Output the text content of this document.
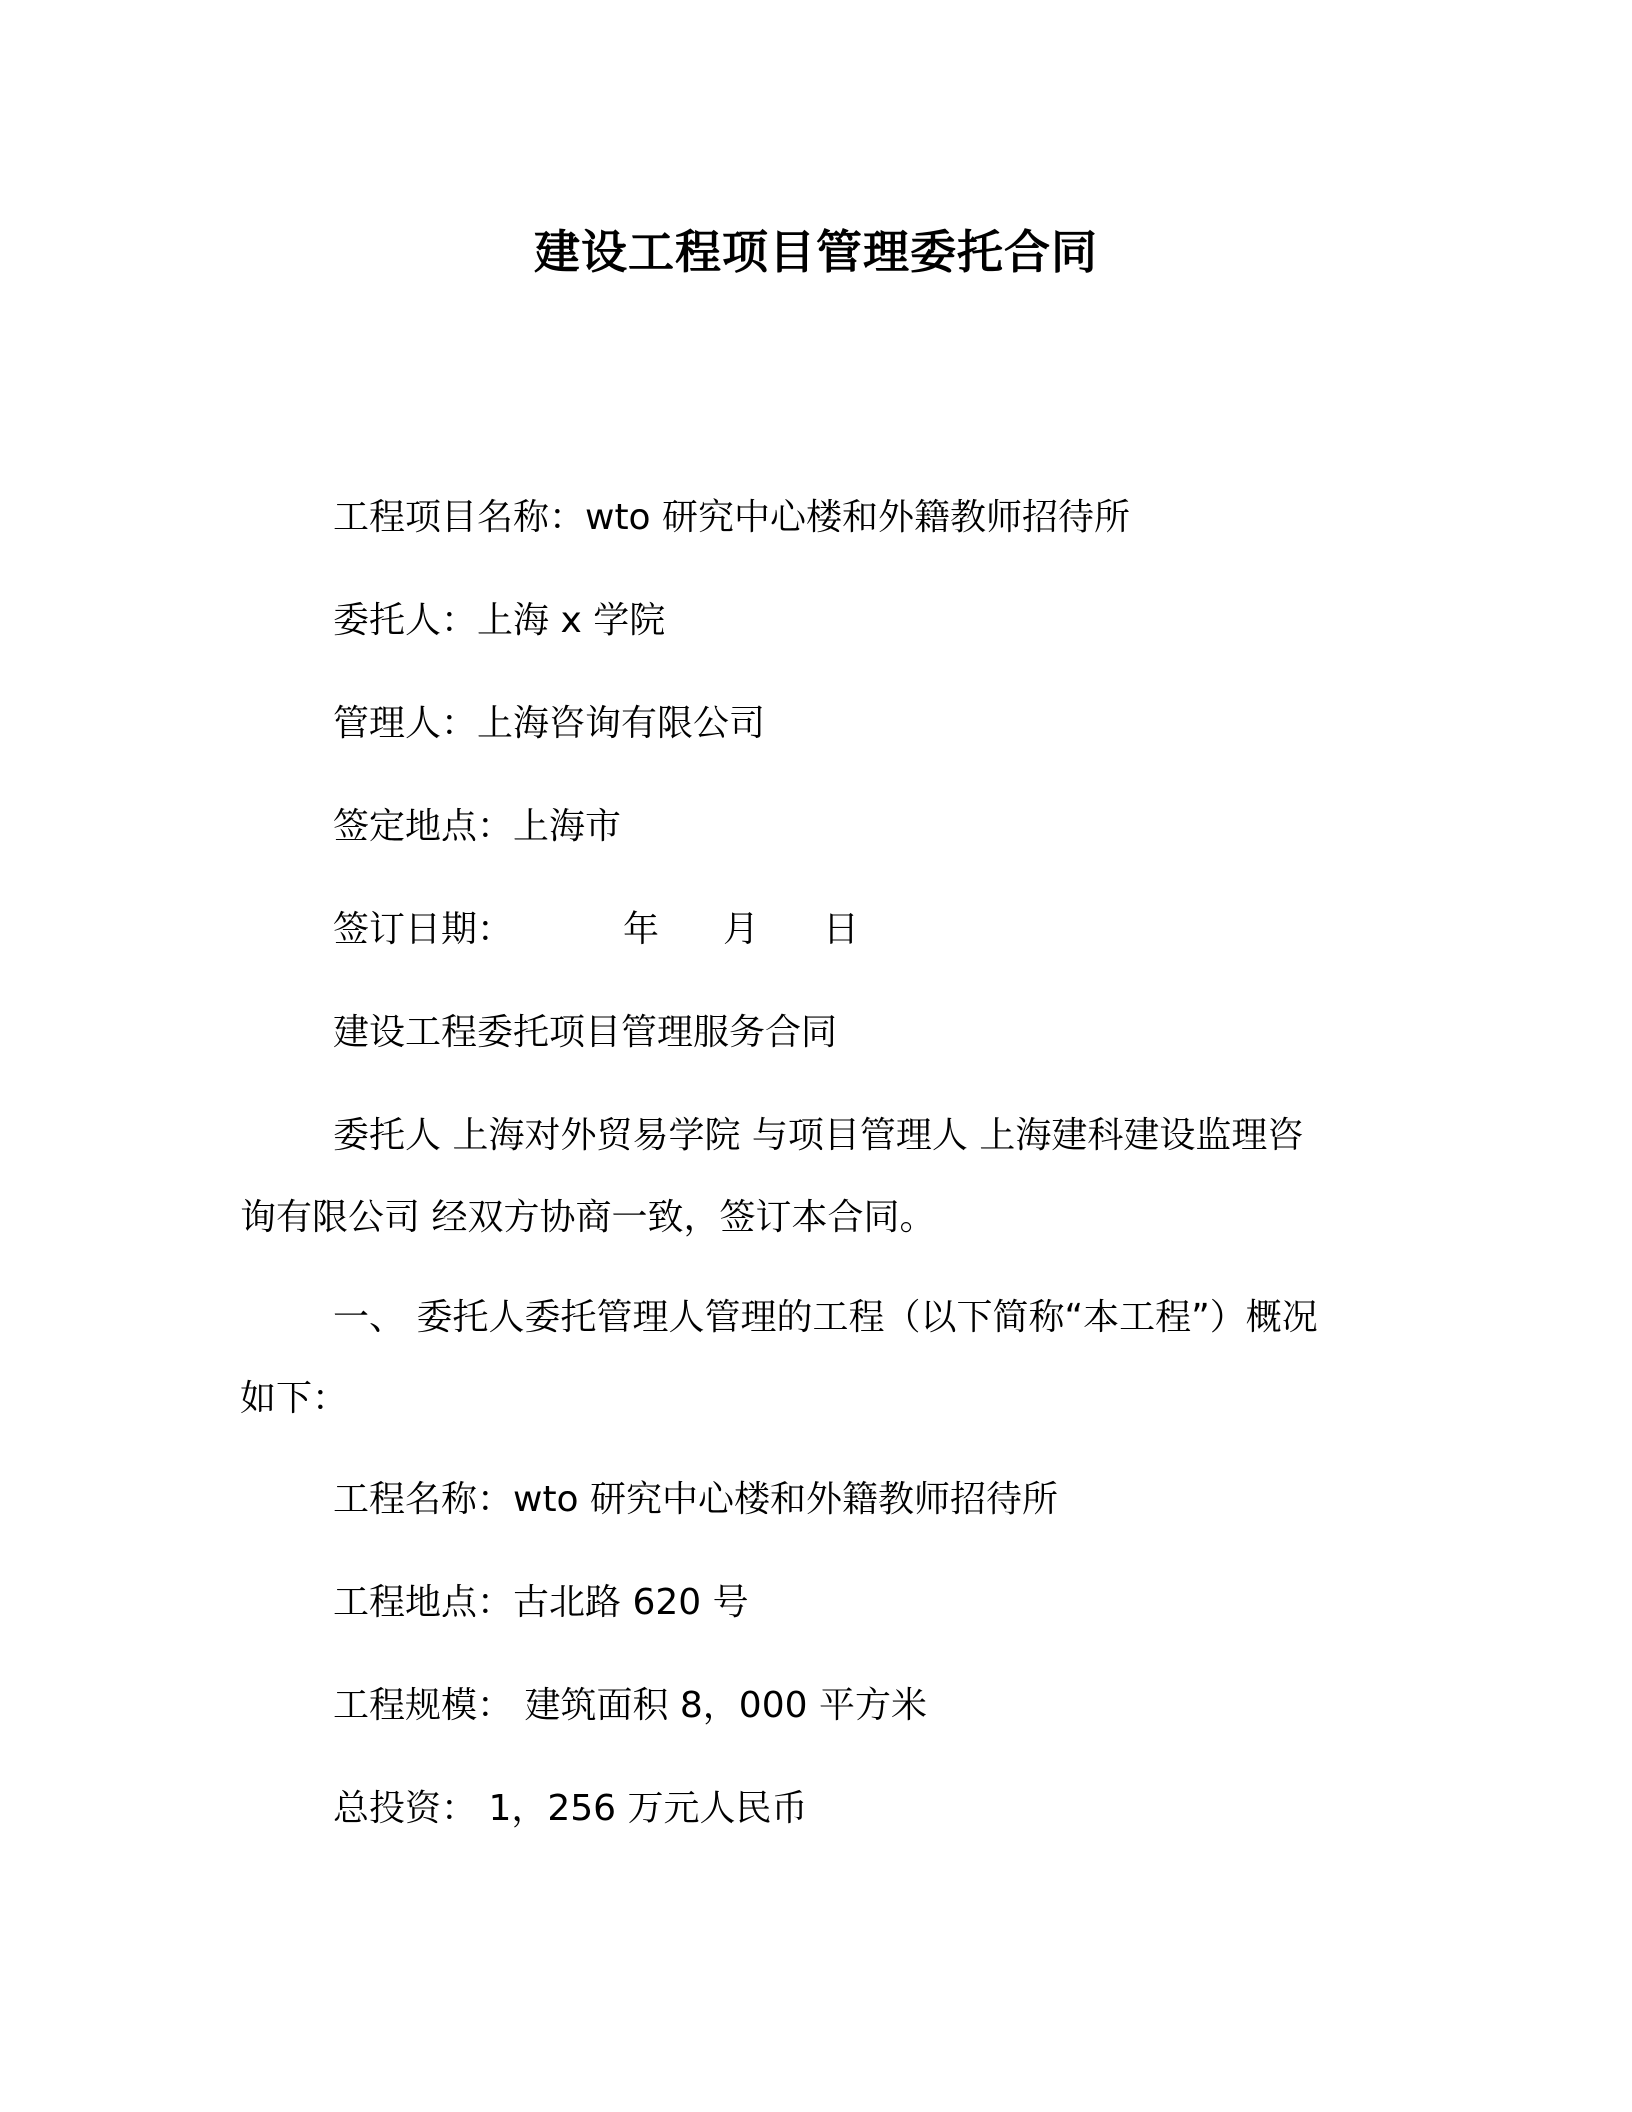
建设工程项目管理委托合同
工程项目名称：wto 研究中心楼和外籍教师招待所
委托人：上海 x 学院
管理人：上海咨询有限公司
签定地点：上海市
签订日期：	年 月 日
建设工程委托项目管理服务合同
委托人 上海对外贸易学院 与项目管理人 上海建科建设监理咨
询有限公司 经双方协商一致，签订本合同。
一、 委托人委托管理人管理的工程（以下简称“本工程”）概况
如下：
工程名称：wto 研究中心楼和外籍教师招待所
工程地点：古北路 620 号
工程规模： 建筑面积 8，000 平方米
总投资： 1，256 万元人民币
